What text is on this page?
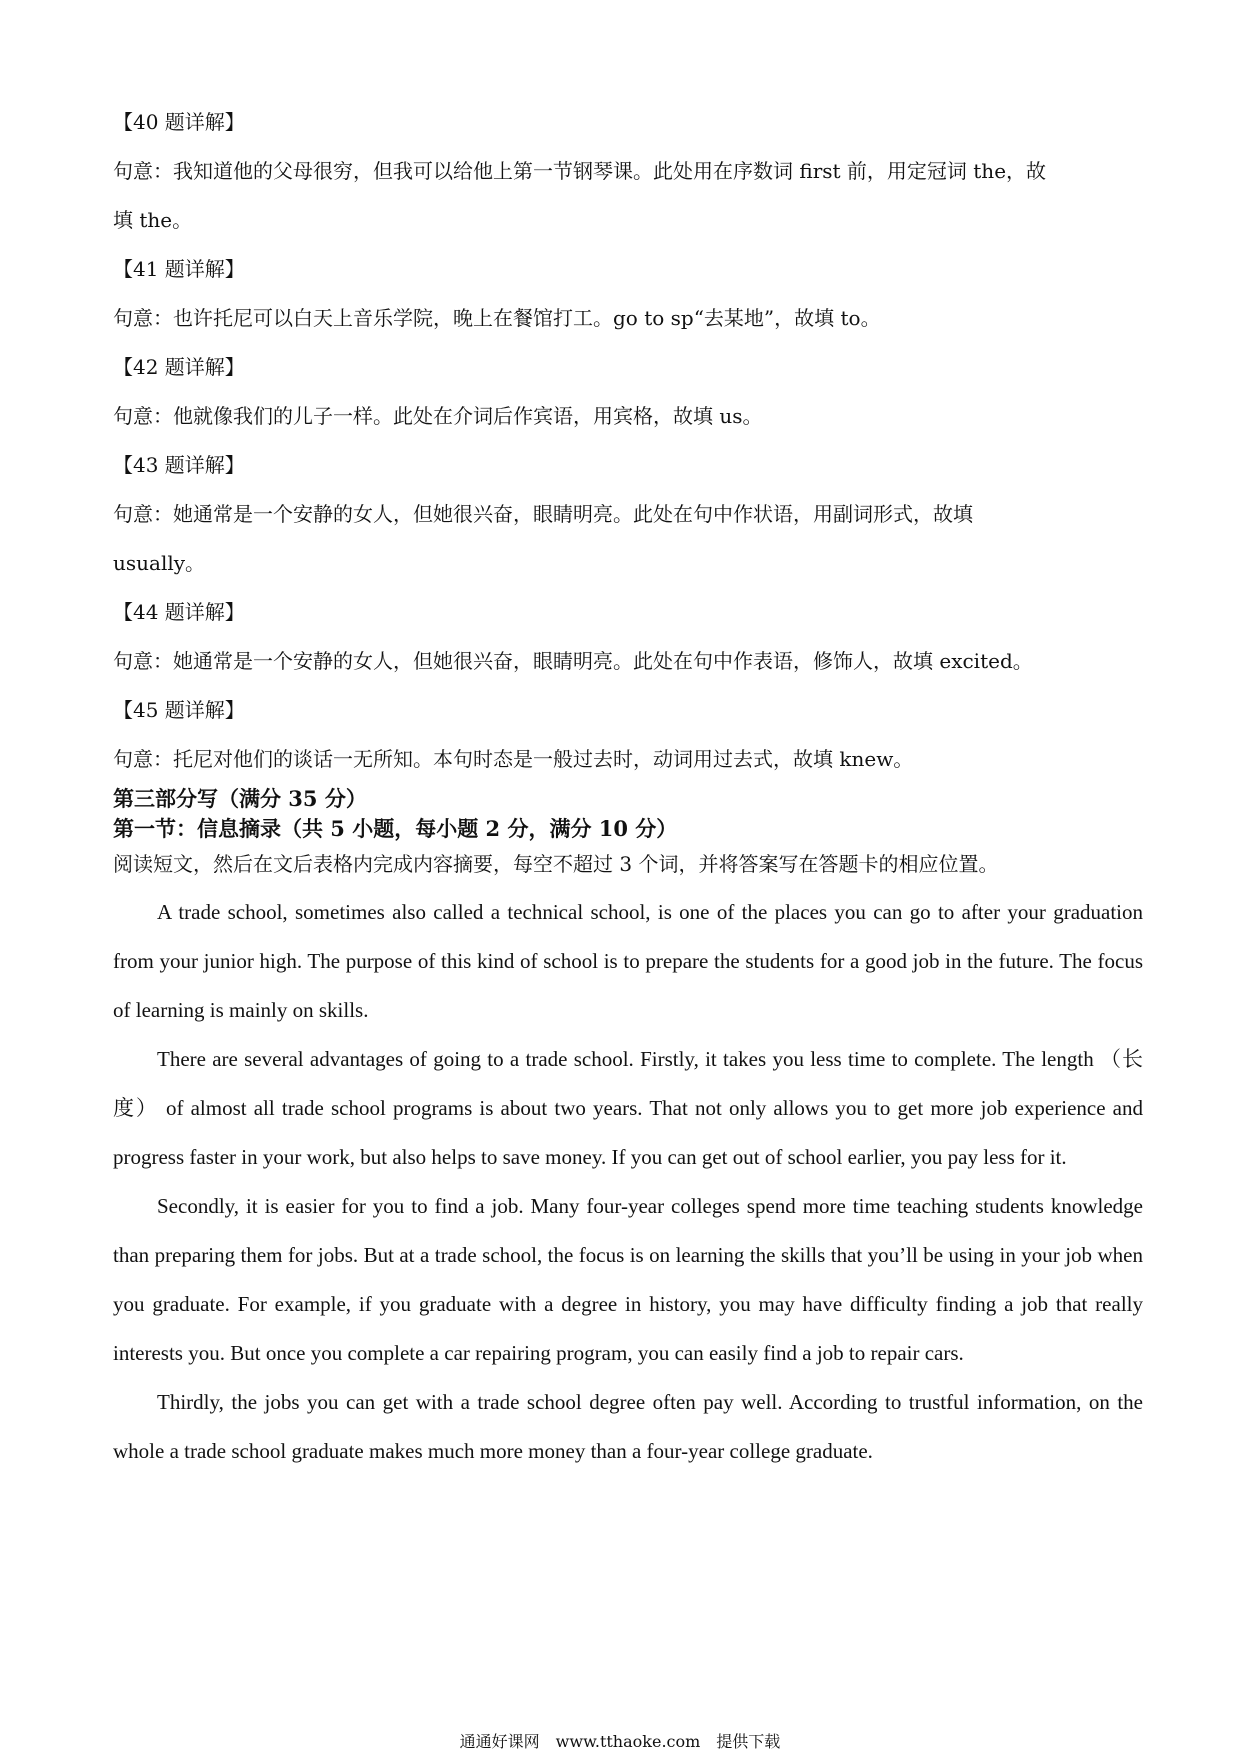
【40 题详解】

句意：我知道他的父母很穷，但我可以给他上第一节钢琴课。此处用在序数词 first 前，用定冠词 the，故

填 the。

【41 题详解】

句意：也许托尼可以白天上音乐学院，晚上在餐馆打工。go to sp“去某地”，故填 to。

【42 题详解】

句意：他就像我们的儿子一样。此处在介词后作宾语，用宾格，故填 us。

【43 题详解】

句意：她通常是一个安静的女人，但她很兴奋，眼睛明亮。此处在句中作状语，用副词形式，故填

usually。

【44 题详解】

句意：她通常是一个安静的女人，但她很兴奋，眼睛明亮。此处在句中作表语，修饰人，故填 excited。

【45 题详解】

句意：托尼对他们的谈话一无所知。本句时态是一般过去时，动词用过去式，故填 knew。

第三部分写（满分 35 分）

第一节：信息摘录（共 5 小题，每小题 2 分，满分 10 分）

阅读短文，然后在文后表格内完成内容摘要，每空不超过 3 个词，并将答案写在答题卡的相应位置。

A trade school, sometimes also called a technical school, is one of the places you can go to after your graduation from your junior high. The purpose of this kind of school is to prepare the students for a good job in the future. The focus of learning is mainly on skills.

There are several advantages of going to a trade school. Firstly, it takes you less time to complete. The length （长度） of almost all trade school programs is about two years. That not only allows you to get more job experience and progress faster in your work, but also helps to save money. If you can get out of school earlier, you pay less for it.

Secondly, it is easier for you to find a job. Many four-year colleges spend more time teaching students knowledge than preparing them for jobs. But at a trade school, the focus is on learning the skills that you’ll be using in your job when you graduate. For example, if you graduate with a degree in history, you may have difficulty finding a job that really interests you. But once you complete a car repairing program, you can easily find a job to repair cars.

Thirdly, the jobs you can get with a trade school degree often pay well. According to trustful information, on the whole a trade school graduate makes much more money than a four-year college graduate.

通通好课网　www.tthaoke.com　提供下载
